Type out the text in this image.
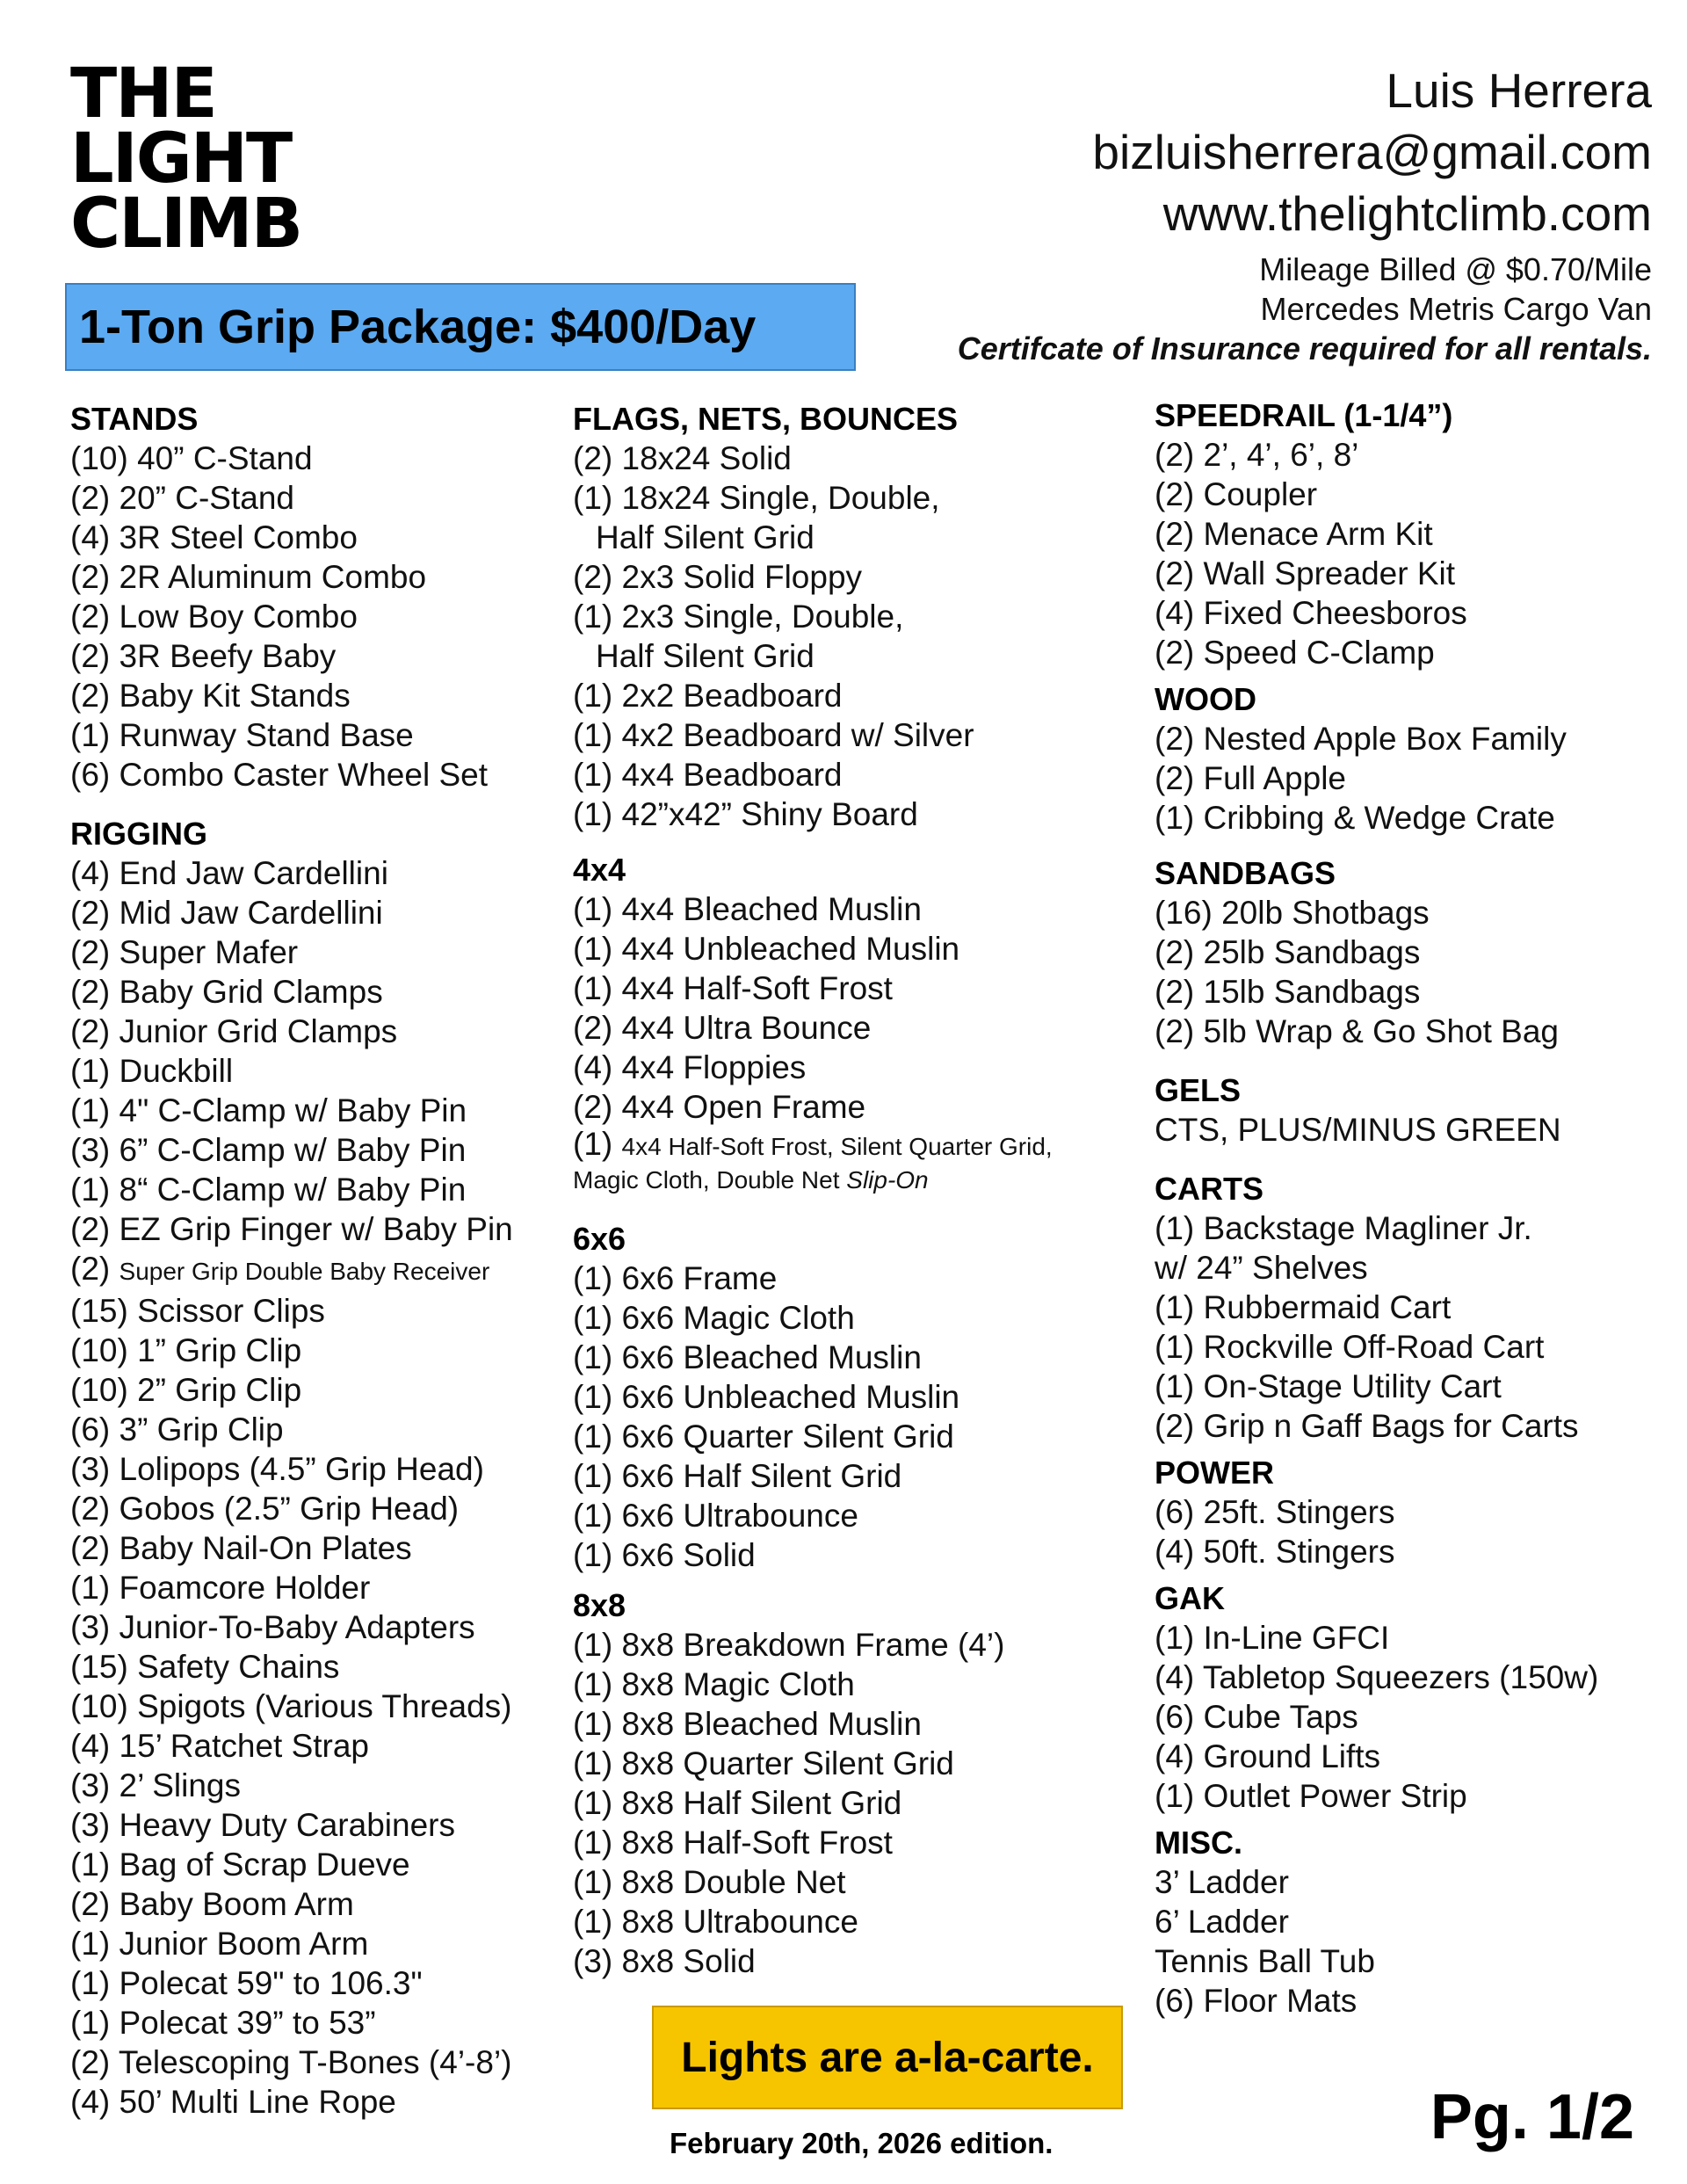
THE
LIGHT
CLIMB
Luis Herrera
bizluisherrera@gmail.com
www.thelightclimb.com
Mileage Billed @ $0.70/Mile
Mercedes Metris Cargo Van
Certifcate of Insurance required for all rentals.
1-Ton Grip Package: $400/Day
STANDS
(10) 40” C-Stand
(2) 20” C-Stand
(4) 3R Steel Combo
(2) 2R Aluminum Combo
(2) Low Boy Combo
(2) 3R Beefy Baby
(2) Baby Kit Stands
(1) Runway Stand Base
(6) Combo Caster Wheel Set
RIGGING
(4) End Jaw Cardellini
(2) Mid Jaw Cardellini
(2) Super Mafer
(2) Baby Grid Clamps
(2) Junior Grid Clamps
(1) Duckbill
(1) 4" C-Clamp w/ Baby Pin
(3) 6” C-Clamp w/ Baby Pin
(1) 8“ C-Clamp w/ Baby Pin
(2) EZ Grip Finger w/ Baby Pin
(2) Super Grip Double Baby Receiver
(15) Scissor Clips
(10) 1” Grip Clip
(10) 2” Grip Clip
(6) 3” Grip Clip
(3) Lolipops (4.5” Grip Head)
(2) Gobos (2.5” Grip Head)
(2) Baby Nail-On Plates
(1) Foamcore Holder
(3) Junior-To-Baby Adapters
(15) Safety Chains
(10) Spigots (Various Threads)
(4) 15’ Ratchet Strap
(3) 2’ Slings
(3) Heavy Duty Carabiners
(1) Bag of Scrap Dueve
(2) Baby Boom Arm
(1) Junior Boom Arm
(1) Polecat 59" to 106.3"
(1) Polecat 39” to 53”
(2) Telescoping T-Bones (4’-8’)
(4) 50’ Multi Line Rope
FLAGS, NETS, BOUNCES
(2) 18x24 Solid
(1) 18x24 Single, Double,
Half Silent Grid
(2) 2x3 Solid Floppy
(1) 2x3 Single, Double,
Half Silent Grid
(1) 2x2 Beadboard
(1) 4x2 Beadboard w/ Silver
(1) 4x4 Beadboard
(1) 42”x42” Shiny Board
4x4
(1) 4x4 Bleached Muslin
(1) 4x4 Unbleached Muslin
(1) 4x4 Half-Soft Frost
(2) 4x4 Ultra Bounce
(4) 4x4 Floppies
(2) 4x4 Open Frame
(1) 4x4 Half-Soft Frost, Silent Quarter Grid,
Magic Cloth, Double Net Slip-On
6x6
(1) 6x6 Frame
(1) 6x6 Magic Cloth
(1) 6x6 Bleached Muslin
(1) 6x6 Unbleached Muslin
(1) 6x6 Quarter Silent Grid
(1) 6x6 Half Silent Grid
(1) 6x6 Ultrabounce
(1) 6x6 Solid
8x8
(1) 8x8 Breakdown Frame (4’)
(1) 8x8 Magic Cloth
(1) 8x8 Bleached Muslin
(1) 8x8 Quarter Silent Grid
(1) 8x8 Half Silent Grid
(1) 8x8 Half-Soft Frost
(1) 8x8 Double Net
(1) 8x8 Ultrabounce
(3) 8x8 Solid
SPEEDRAIL (1-1/4”)
(2) 2’, 4’, 6’, 8’
(2) Coupler
(2) Menace Arm Kit
(2) Wall Spreader Kit
(4) Fixed Cheesboros
(2) Speed C-Clamp
WOOD
(2) Nested Apple Box Family
(2) Full Apple
(1) Cribbing & Wedge Crate
SANDBAGS
(16) 20lb Shotbags
(2) 25lb Sandbags
(2) 15lb Sandbags
(2) 5lb Wrap & Go Shot Bag
GELS
CTS, PLUS/MINUS GREEN
CARTS
(1) Backstage Magliner Jr.
w/ 24” Shelves
(1) Rubbermaid Cart
(1) Rockville Off-Road Cart
(1) On-Stage Utility Cart
(2) Grip n Gaff Bags for Carts
POWER
(6) 25ft. Stingers
(4) 50ft. Stingers
GAK
(1) In-Line GFCI
(4) Tabletop Squeezers (150w)
(6) Cube Taps
(4) Ground Lifts
(1) Outlet Power Strip
MISC.
3’ Ladder
6’ Ladder
Tennis Ball Tub
(6) Floor Mats
Lights are a-la-carte.
February 20th, 2026 edition.	Pg. 1/2
